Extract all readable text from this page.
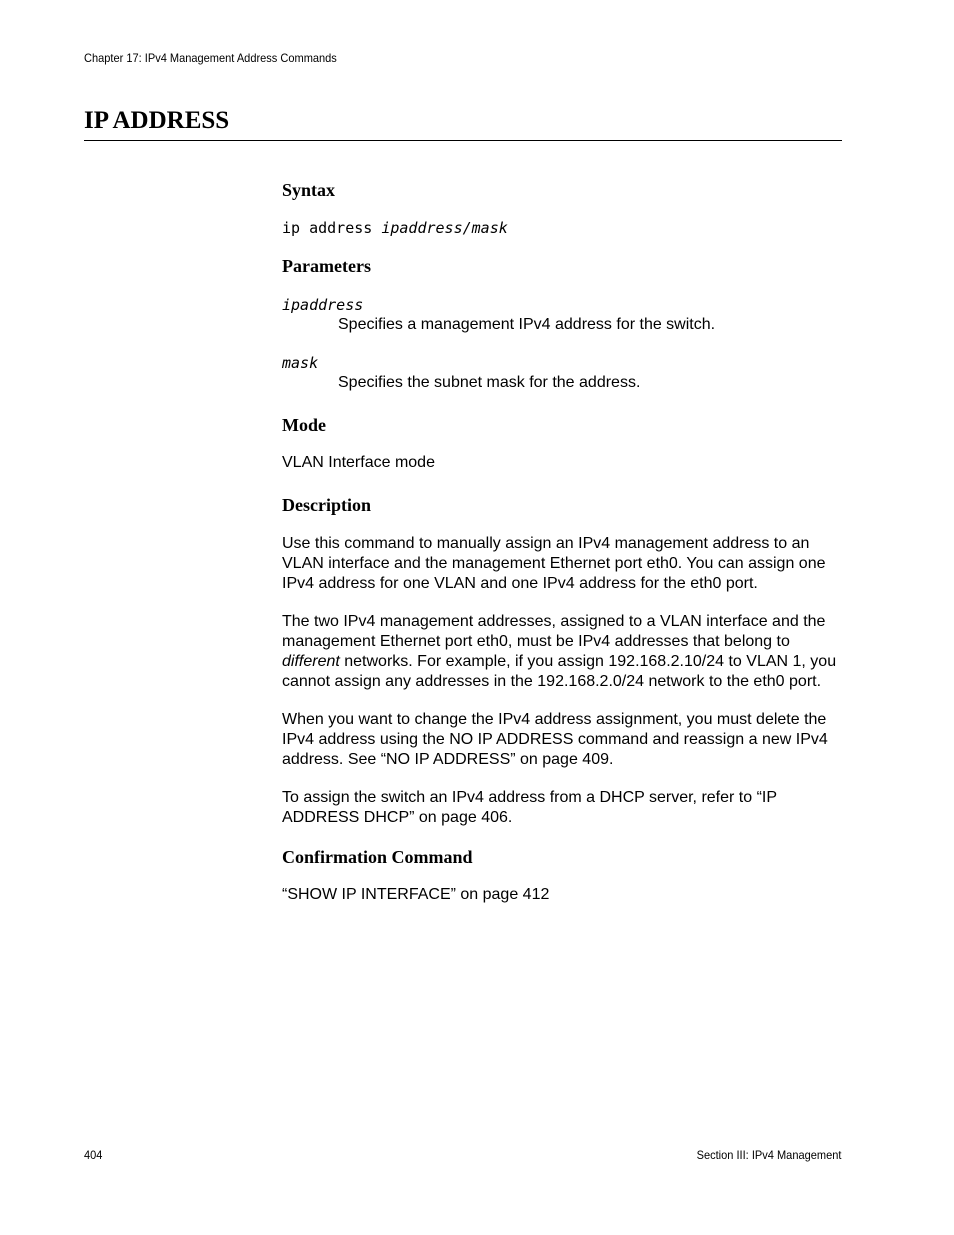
Chapter 17: IPv4 Management Address Commands
IP ADDRESS
Syntax
ip address ipaddress/mask
Parameters
ipaddress
Specifies a management IPv4 address for the switch.
mask
Specifies the subnet mask for the address.
Mode

VLAN Interface mode

Description

Use this command to manually assign an IPv4 management address to an VLAN interface and the management Ethernet port eth0. You can assign one IPv4 address for one VLAN and one IPv4 address for the eth0 port.

The two IPv4 management addresses, assigned to a VLAN interface and the management Ethernet port eth0, must be IPv4 addresses that belong to different networks. For example, if you assign 192.168.2.10/24 to VLAN 1, you cannot assign any addresses in the 192.168.2.0/24 network to the eth0 port.

When you want to change the IPv4 address assignment, you must delete the IPv4 address using the NO IP ADDRESS command and reassign a new IPv4 address. See “NO IP ADDRESS” on page 409.

To assign the switch an IPv4 address from a DHCP server, refer to “IP ADDRESS DHCP” on page 406.

Confirmation Command

“SHOW IP INTERFACE” on page 412

404	Section III: IPv4 Management
